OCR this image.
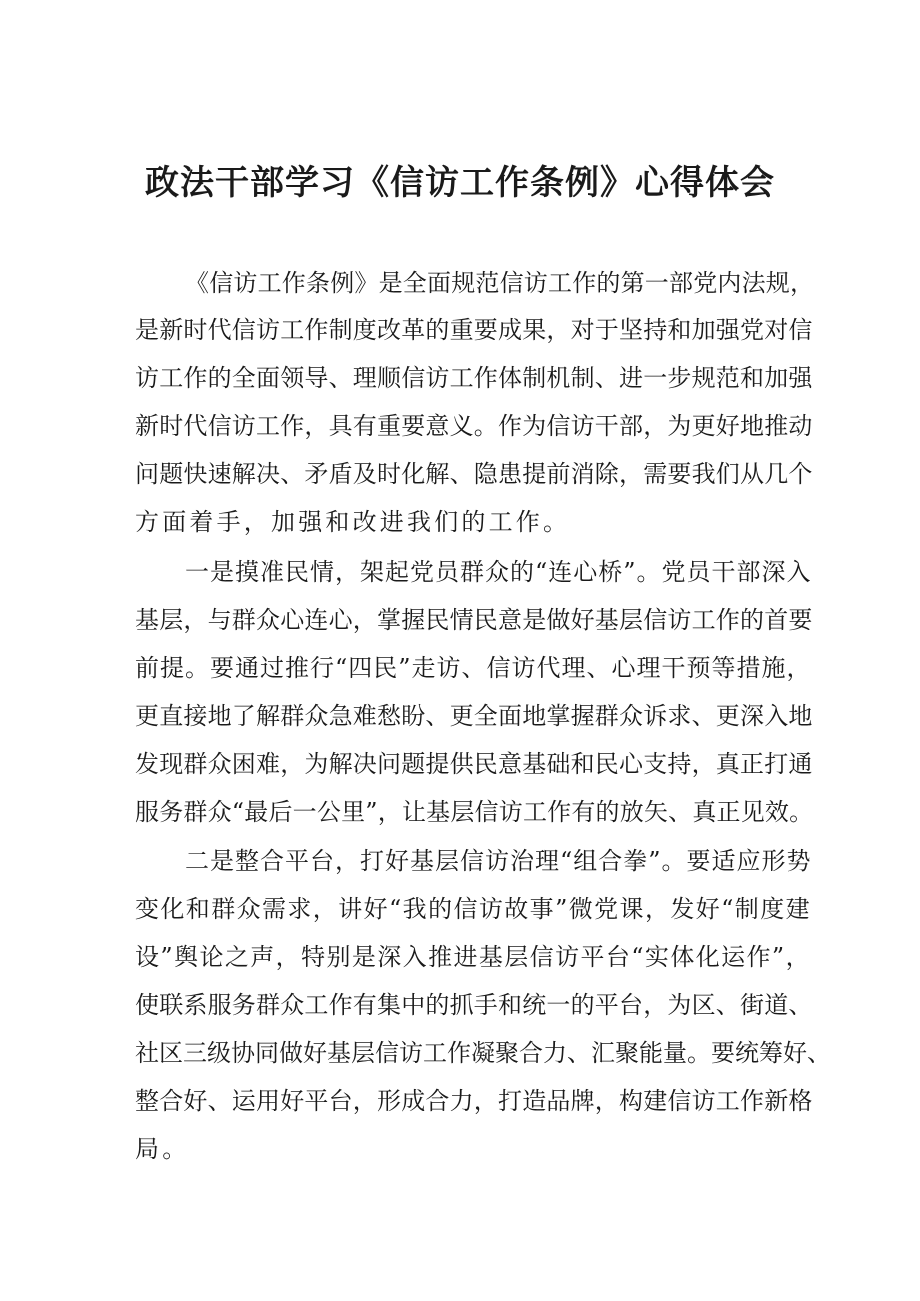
政法干部学习《信访工作条例》心得体会

《信访工作条例》是全面规范信访工作的第一部党内法规，

是新时代信访工作制度改革的重要成果，对于坚持和加强党对信

访工作的全面领导、理顺信访工作体制机制、进一步规范和加强

新时代信访工作，具有重要意义。作为信访干部，为更好地推动

问题快速解决、矛盾及时化解、隐患提前消除，需要我们从几个

方面着手，加强和改进我们的工作。

一是摸准民情，架起党员群众的“连心桥”。党员干部深入

基层，与群众心连心，掌握民情民意是做好基层信访工作的首要

前提。要通过推行“四民”走访、信访代理、心理干预等措施，

更直接地了解群众急难愁盼、更全面地掌握群众诉求、更深入地

发现群众困难，为解决问题提供民意基础和民心支持，真正打通

服务群众“最后一公里”，让基层信访工作有的放矢、真正见效。

二是整合平台，打好基层信访治理“组合拳”。要适应形势

变化和群众需求，讲好“我的信访故事”微党课，发好“制度建

设”舆论之声，特别是深入推进基层信访平台“实体化运作”，

使联系服务群众工作有集中的抓手和统一的平台，为区、街道、

社区三级协同做好基层信访工作凝聚合力、汇聚能量。要统筹好、

整合好、运用好平台，形成合力，打造品牌，构建信访工作新格

局。
